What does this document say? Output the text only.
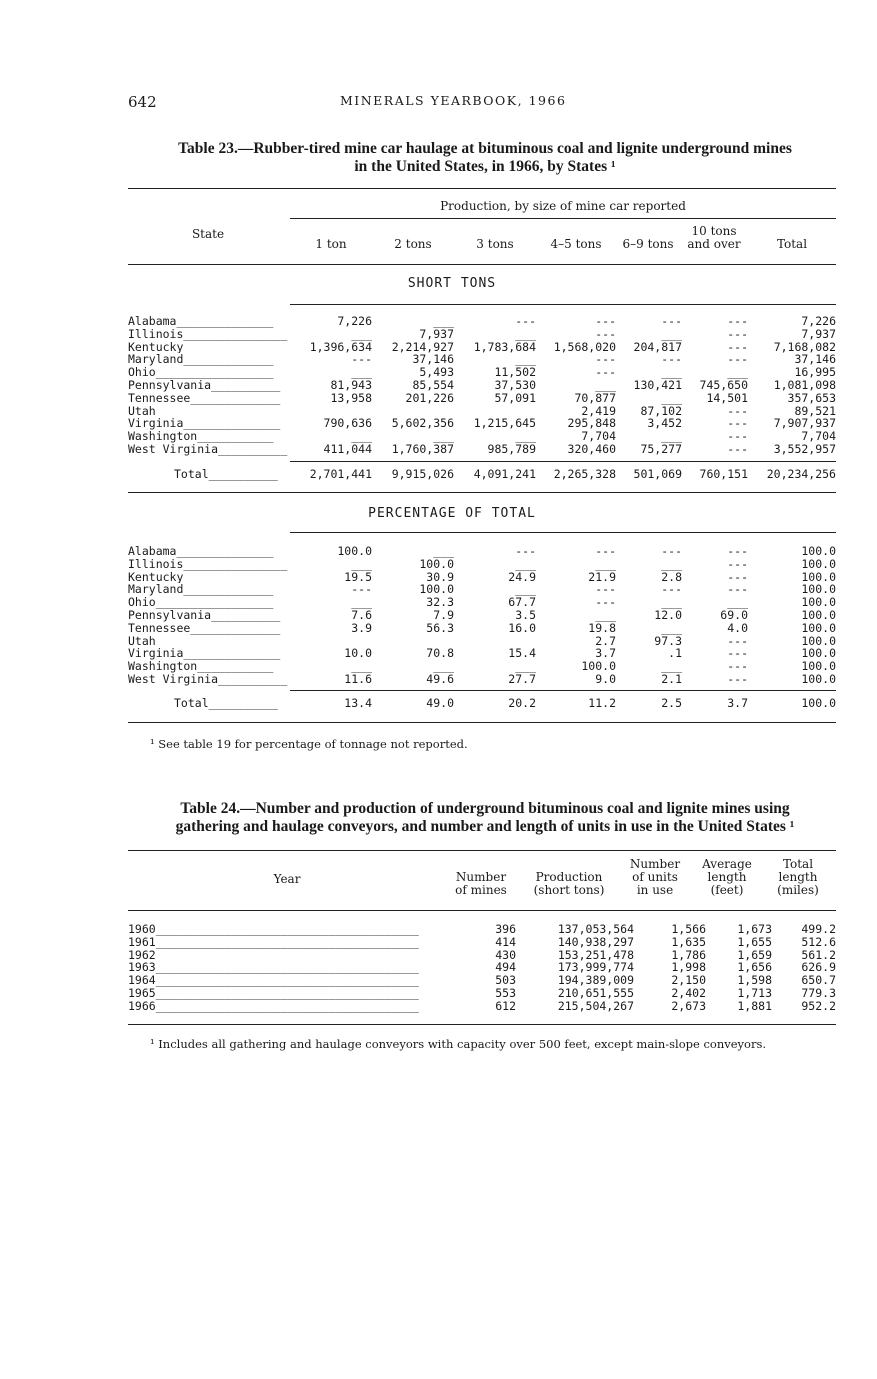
642	MINERALS YEARBOOK, 1966
Table 23.—Rubber-tired mine car haulage at bituminous coal and lignite underground mines
in the United States, in 1966, by States ¹
State
Production, by size of mine car reported
1 ton	2 tons	3 tons	4–5 tons	6–9 tons
10 tons
and over	Total
SHORT TONS
Alabama______________	7,226	___	---	---	---	---	7,226
Illinois_______________	___	7,937	___	---	___	---	7,937
Kentucky_____________	1,396,634	2,214,927	1,783,684	1,568,020	204,817	---	7,168,082
Maryland_____________	---	37,146	___	---	---	---	37,146
Ohio_________________	___	5,493	11,502	---	___	___	16,995
Pennsylvania__________	81,943	85,554	37,530	___	130,421	745,650	1,081,098
Tennessee_____________	13,958	201,226	57,091	70,877	___	14,501	357,653
Utah_________________	___	___	___	2,419	87,102	---	89,521
Virginia______________	790,636	5,602,356	1,215,645	295,848	3,452	---	7,907,937
Washington___________	___	___	___	7,704	___	---	7,704
West Virginia__________	411,044	1,760,387	985,789	320,460	75,277	---	3,552,957
Total__________	2,701,441	9,915,026	4,091,241	2,265,328	501,069	760,151	20,234,256
PERCENTAGE OF TOTAL
Alabama______________	100.0	___	---	---	---	---	100.0
Illinois_______________	___	100.0	___	___	___	---	100.0
Kentucky_____________	19.5	30.9	24.9	21.9	2.8	---	100.0
Maryland_____________	---	100.0	___	---	---	---	100.0
Ohio_________________	___	32.3	67.7	---	___	___	100.0
Pennsylvania__________	7.6	7.9	3.5	___	12.0	69.0	100.0
Tennessee_____________	3.9	56.3	16.0	19.8	___	4.0	100.0
Utah_________________	___	___	___	2.7	97.3	---	100.0
Virginia______________	10.0	70.8	15.4	3.7	.1	---	100.0
Washington___________	___	___	___	100.0	___	---	100.0
West Virginia__________	11.6	49.6	27.7	9.0	2.1	---	100.0
Total__________	13.4	49.0	20.2	11.2	2.5	3.7	100.0
¹ See table 19 for percentage of tonnage not reported.
Table 24.—Number and production of underground bituminous coal and lignite mines using
gathering and haulage conveyors, and number and length of units in use in the United States ¹
Year	Number
of mines
Production
(short tons)
Number
of units
in use
Average
length
(feet)
Total
length
(miles)
1960______________________________________	396	137,053,564	1,566	1,673	499.2
1961______________________________________	414	140,938,297	1,635	1,655	512.6
1962______________________________________	430	153,251,478	1,786	1,659	561.2
1963______________________________________	494	173,999,774	1,998	1,656	626.9
1964______________________________________	503	194,389,009	2,150	1,598	650.7
1965______________________________________	553	210,651,555	2,402	1,713	779.3
1966______________________________________	612	215,504,267	2,673	1,881	952.2
¹ Includes all gathering and haulage conveyors with capacity over 500 feet, except main-slope conveyors.
